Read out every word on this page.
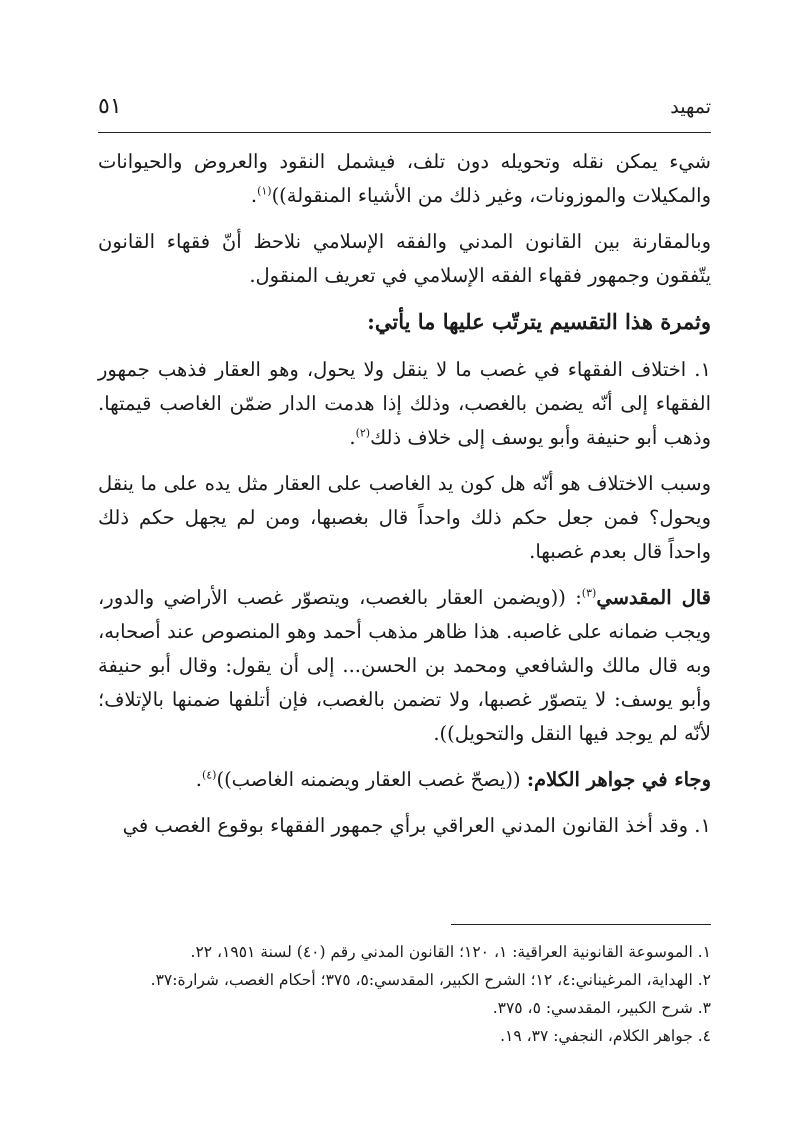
تمهيد
٥١

شيء يمكن نقله وتحويله دون تلف، فيشمل النقود والعروض والحيوانات والمكيلات والموزونات، وغير ذلك من الأشياء المنقولة))$^{(١)}$.

وبالمقارنة بين القانون المدني والفقه الإسلامي نلاحظ أنّ فقهاء القانون يتّفقون وجمهور فقهاء الفقه الإسلامي في تعريف المنقول.

وثمرة هذا التقسيم يترتّب عليها ما يأتي:

١. اختلاف الفقهاء في غصب ما لا ينقل ولا يحول، وهو العقار فذهب جمهور الفقهاء إلى أنّه يضمن بالغصب، وذلك إذا هدمت الدار ضمّن الغاصب قيمتها. وذهب أبو حنيفة وأبو يوسف إلى خلاف ذلك$^{(٢)}$.

وسبب الاختلاف هو أنّه هل كون يد الغاصب على العقار مثل يده على ما ينقل ويحول؟ فمن جعل حكم ذلك واحداً قال بغصبها، ومن لم يجهل حكم ذلك واحداً قال بعدم غصبها.

قال المقدسي$^{(٣)}$: ((ويضمن العقار بالغصب، ويتصوّر غصب الأراضي والدور، ويجب ضمانه على غاصبه. هذا ظاهر مذهب أحمد وهو المنصوص عند أصحابه، وبه قال مالك والشافعي ومحمد بن الحسن... إلى أن يقول: وقال أبو حنيفة وأبو يوسف: لا يتصوّر غصبها، ولا تضمن بالغصب، فإن أتلفها ضمنها بالإتلاف؛ لأنّه لم يوجد فيها النقل والتحويل)).

وجاء في جواهر الكلام: ((يصحّ غصب العقار ويضمنه الغاصب))$^{(٤)}$.

١. وقد أخذ القانون المدني العراقي برأي جمهور الفقهاء بوقوع الغصب في

١. الموسوعة القانونية العراقية: ١، ١٢٠؛ القانون المدني رقم (٤٠) لسنة ١٩٥١، ٢٢.

٢. الهداية، المرغيناني:٤، ١٢؛ الشرح الكبير، المقدسي:٥، ٣٧٥؛ أحكام الغصب، شرارة:٣٧.

٣. شرح الكبير، المقدسي: ٥، ٣٧٥.

٤. جواهر الكلام، النجفي: ٣٧، ١٩.
